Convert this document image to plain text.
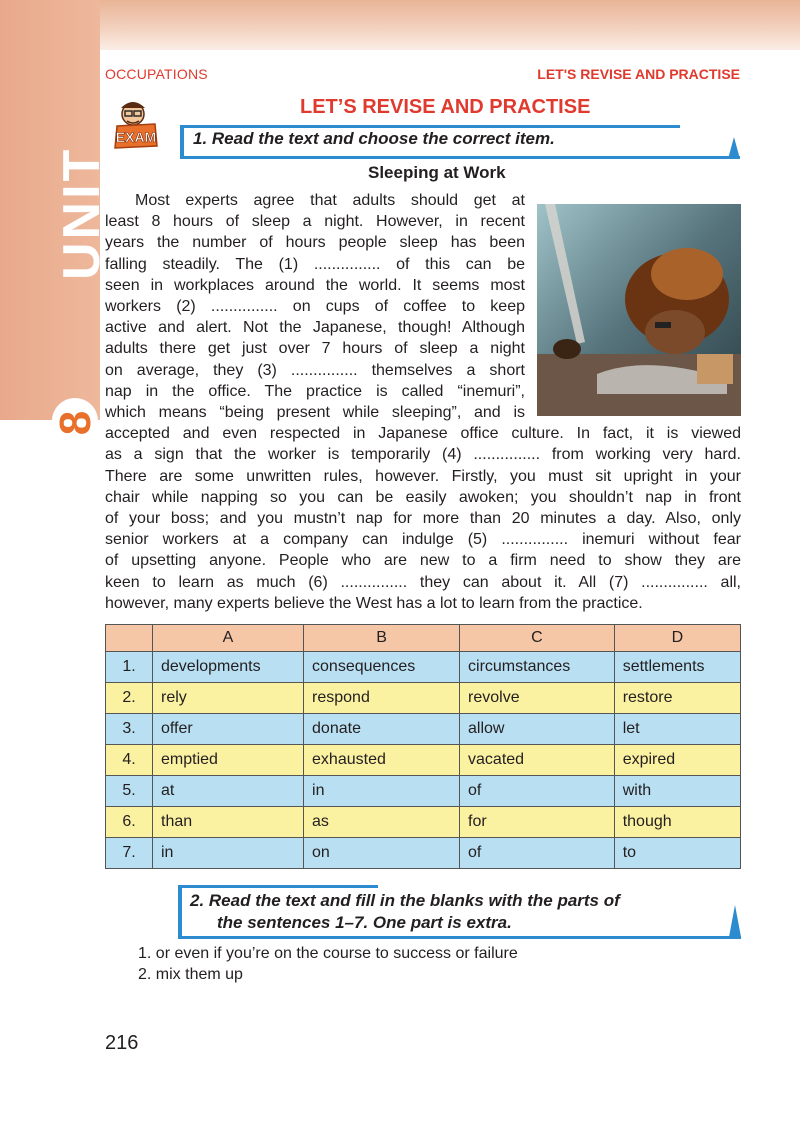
UNIT
8
OCCUPATIONS	LET'S REVISE AND PRACTISE
LET’S REVISE AND PRACTISE
EXAM 1. Read the text and choose the correct item.
Sleeping at Work
Most experts agree that adults should get at
least 8 hours of sleep a night. However, in recent
years the number of hours people sleep has been
falling steadily. The (1) ............... of this can be
seen in workplaces around the world. It seems most
workers (2) ............... on cups of coffee to keep
active and alert. Not the Japanese, though! Although
adults there get just over 7 hours of sleep a night
on average, they (3) ............... themselves a short
nap in the office. The practice is called “inemuri”,
which means “being present while sleeping”, and is
accepted and even respected in Japanese office culture. In fact, it is viewed
as a sign that the worker is temporarily (4) ............... from working very hard.
There are some unwritten rules, however. Firstly, you must sit upright in your
chair while napping so you can be easily awoken; you shouldn’t nap in front
of your boss; and you mustn’t nap for more than 20 minutes a day. Also, only
senior workers at a company can indulge (5) ............... inemuri without fear
of upsetting anyone. People who are new to a firm need to show they are
keen to learn as much (6) ............... they can about it. All (7) ............... all,
however, many experts believe the West has a lot to learn from the practice.
	A	B	C	D
1.	developments	consequences	circumstances	settlements
2.	rely	respond	revolve	restore
3.	offer	donate	allow	let
4.	emptied	exhausted	vacated	expired
5.	at	in	of	with
6.	than	as	for	though
7.	in	on	of	to
2. Read the text and fill in the blanks with the parts of
the sentences 1–7. One part is extra.
1. or even if you’re on the course to success or failure
2. mix them up
216
